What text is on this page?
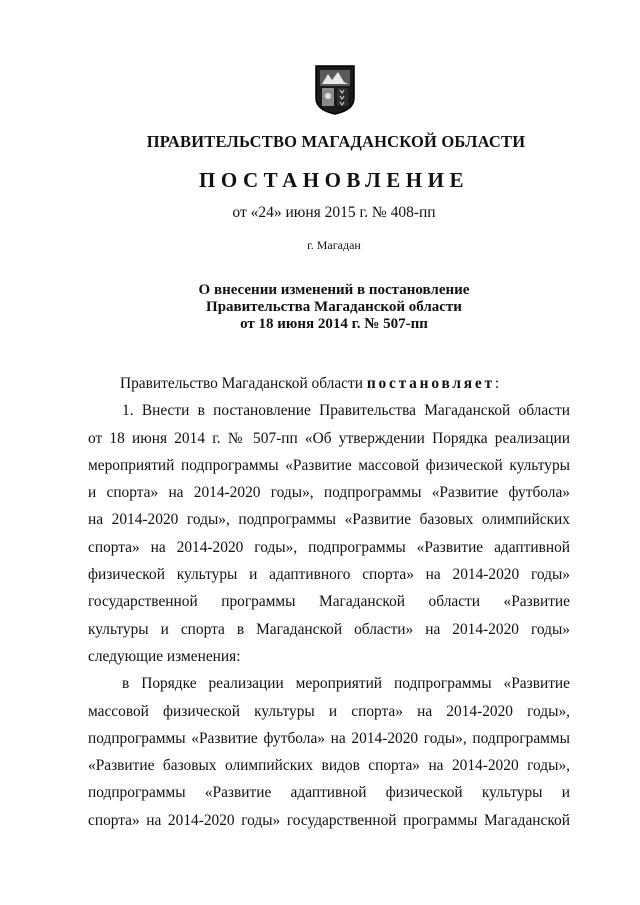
ПРАВИТЕЛЬСТВО МАГАДАНСКОЙ ОБЛАСТИ
ПОСТАНОВЛЕНИЕ
от «24» июня 2015 г. № 408-пп
г. Магадан
О внесении изменений в постановление
Правительства Магаданской области
от 18 июня 2014 г. № 507-пп
Правительство Магаданской области постановляет:
1. Внести в постановление Правительства Магаданской области
от 18 июня 2014 г. № 507-пп «Об утверждении Порядка реализации
мероприятий подпрограммы «Развитие массовой физической культуры
и спорта» на 2014-2020 годы», подпрограммы «Развитие футбола»
на 2014-2020 годы», подпрограммы «Развитие базовых олимпийских
спорта» на 2014-2020 годы», подпрограммы «Развитие адаптивной
физической культуры и адаптивного спорта» на 2014-2020 годы»
государственной программы Магаданской области «Развитие
культуры и спорта в Магаданской области» на 2014-2020 годы»
следующие изменения:
в Порядке реализации мероприятий подпрограммы «Развитие
массовой физической культуры и спорта» на 2014-2020 годы»,
подпрограммы «Развитие футбола» на 2014-2020 годы», подпрограммы
«Развитие базовых олимпийских видов спорта» на 2014-2020 годы»,
подпрограммы «Развитие адаптивной физической культуры и
спорта» на 2014-2020 годы» государственной программы Магаданской
